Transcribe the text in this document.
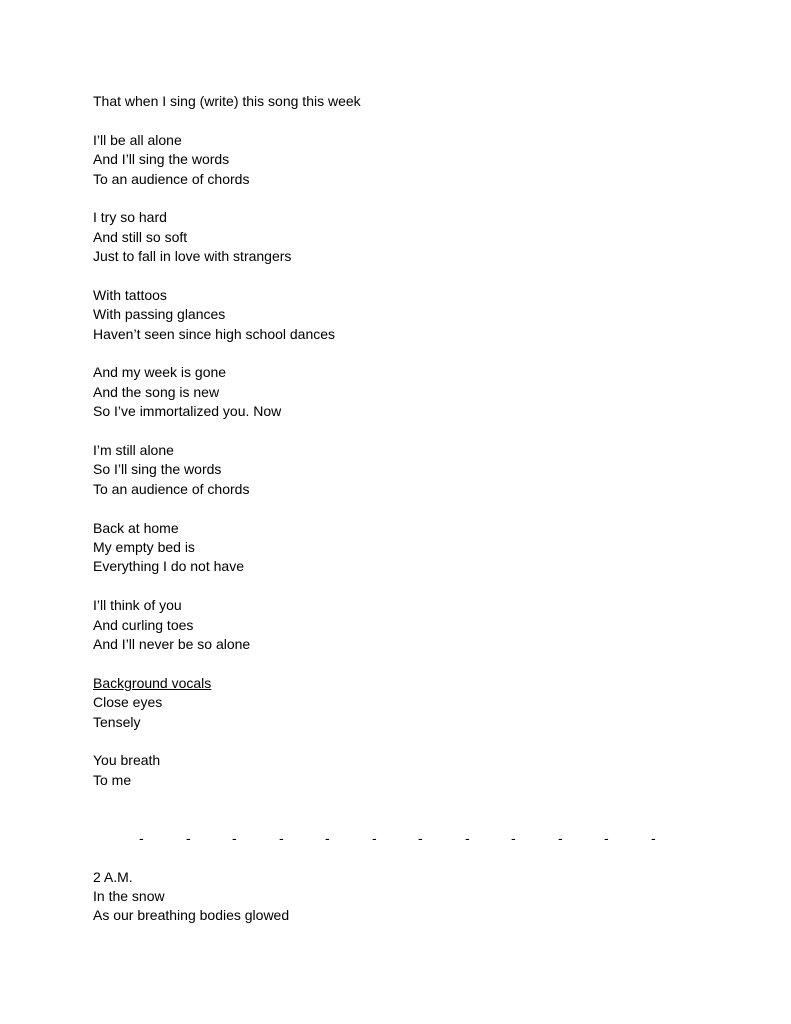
That when I sing (write) this song this week
I’ll be all alone
And I’ll sing the words
To an audience of chords
I try so hard
And still so soft
Just to fall in love with strangers
With tattoos
With passing glances
Haven’t seen since high school dances
And my week is gone
And the song is new
So I’ve immortalized you. Now
I’m still alone
So I’ll sing the words
To an audience of chords
Back at home
My empty bed is
Everything I do not have
I’ll think of you
And curling toes
And I’ll never be so alone
Background vocals
Close eyes
Tensely
You breath
To me
-	-	-	-	-	-	-	-	-	-	-	-
2 A.M.
In the snow
As our breathing bodies glowed
